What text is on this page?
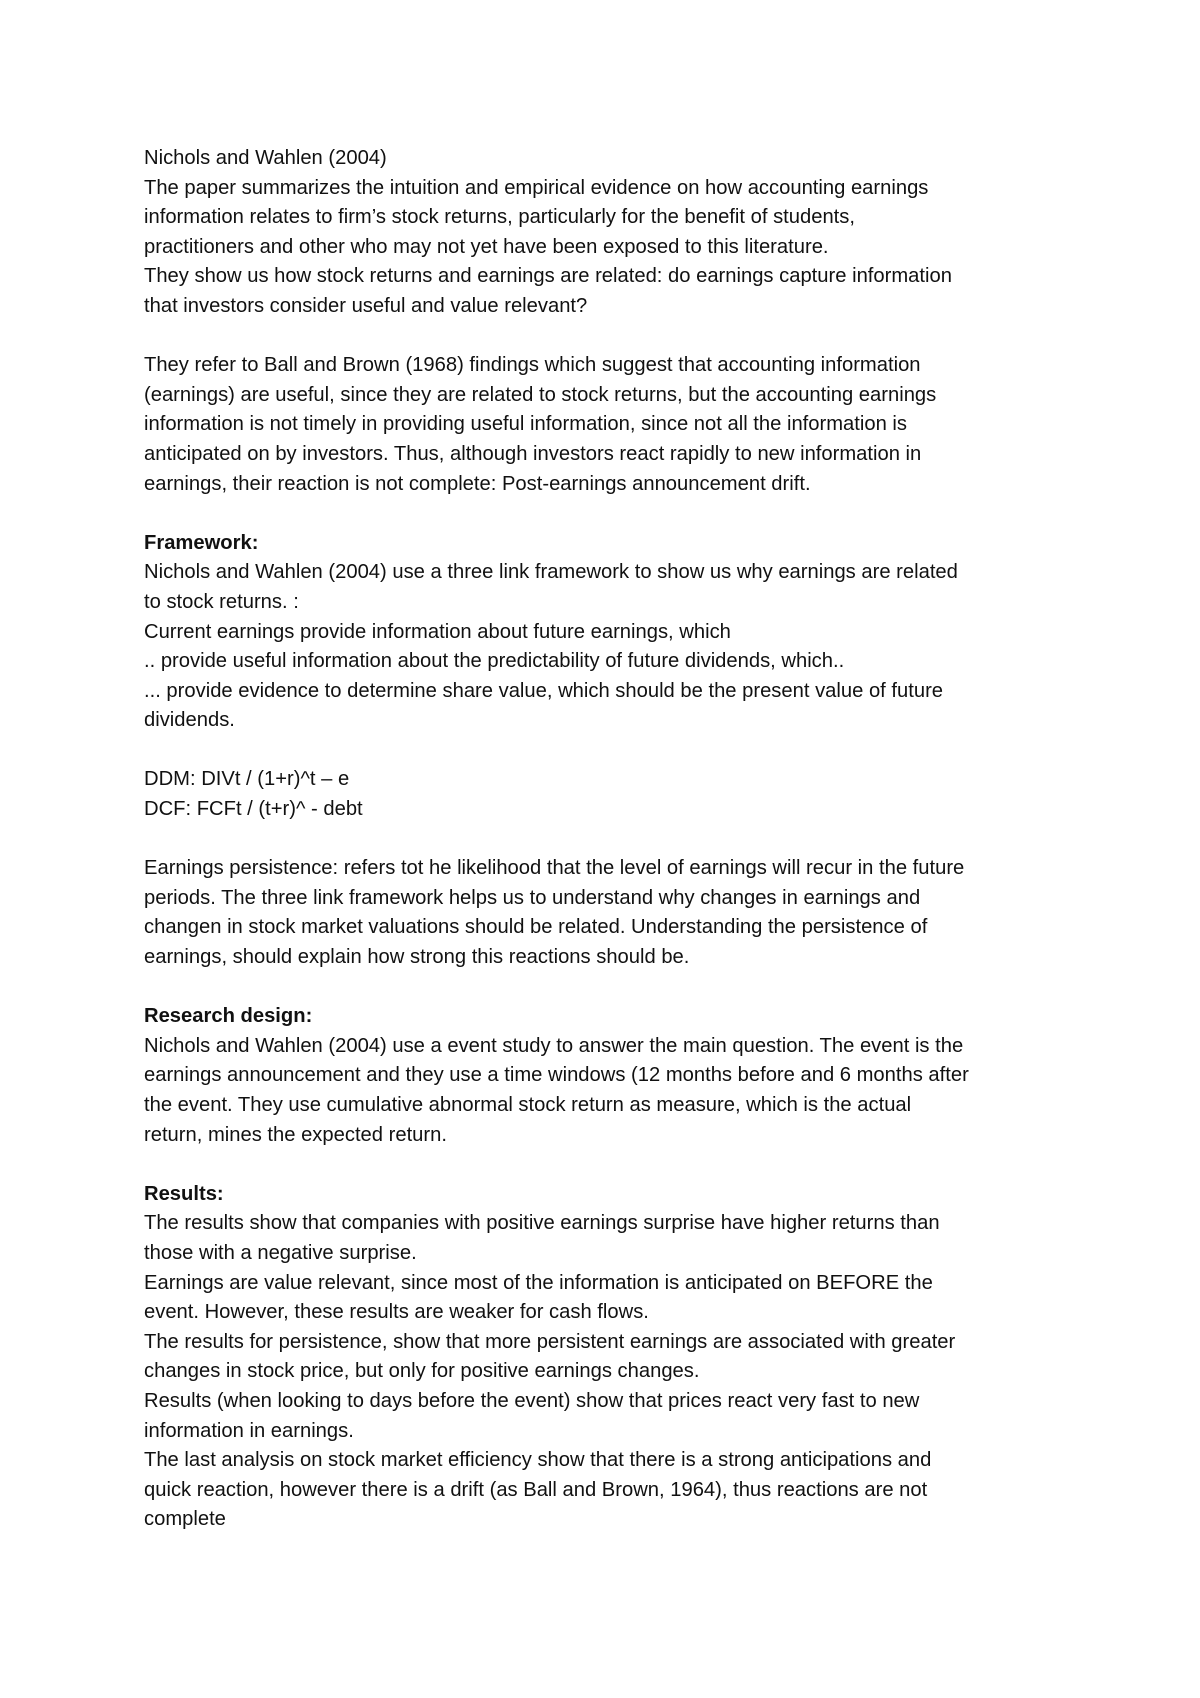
Nichols and Wahlen (2004)
The paper summarizes the intuition and empirical evidence on how accounting earnings
information relates to firm’s stock returns, particularly for the benefit of students,
practitioners and other who may not yet have been exposed to this literature.
They show us how stock returns and earnings are related: do earnings capture information
that investors consider useful and value relevant?
They refer to Ball and Brown (1968) findings which suggest that accounting information
(earnings) are useful, since they are related to stock returns, but the accounting earnings
information is not timely in providing useful information, since not all the information is
anticipated on by investors. Thus, although investors react rapidly to new information in
earnings, their reaction is not complete: Post-earnings announcement drift.
Framework:
Nichols and Wahlen (2004) use a three link framework to show us why earnings are related
to stock returns. :
Current earnings provide information about future earnings, which
.. provide useful information about the predictability of future dividends, which..
... provide evidence to determine share value, which should be the present value of future
dividends.
DDM: DIVt / (1+r)^t – e
DCF: FCFt / (t+r)^ - debt
Earnings persistence: refers tot he likelihood that the level of earnings will recur in the future
periods. The three link framework helps us to understand why changes in earnings and
changen in stock market valuations should be related. Understanding the persistence of
earnings, should explain how strong this reactions should be.
Research design:
Nichols and Wahlen (2004) use a event study to answer the main question. The event is the
earnings announcement and they use a time windows (12 months before and 6 months after
the event. They use cumulative abnormal stock return as measure, which is the actual
return, mines the expected return.
Results:
The results show that companies with positive earnings surprise have higher returns than
those with a negative surprise.
Earnings are value relevant, since most of the information is anticipated on BEFORE the
event. However, these results are weaker for cash flows.
The results for persistence, show that more persistent earnings are associated with greater
changes in stock price, but only for positive earnings changes.
Results (when looking to days before the event) show that prices react very fast to new
information in earnings.
The last analysis on stock market efficiency show that there is a strong anticipations and
quick reaction, however there is a drift (as Ball and Brown, 1964), thus reactions are not
complete
